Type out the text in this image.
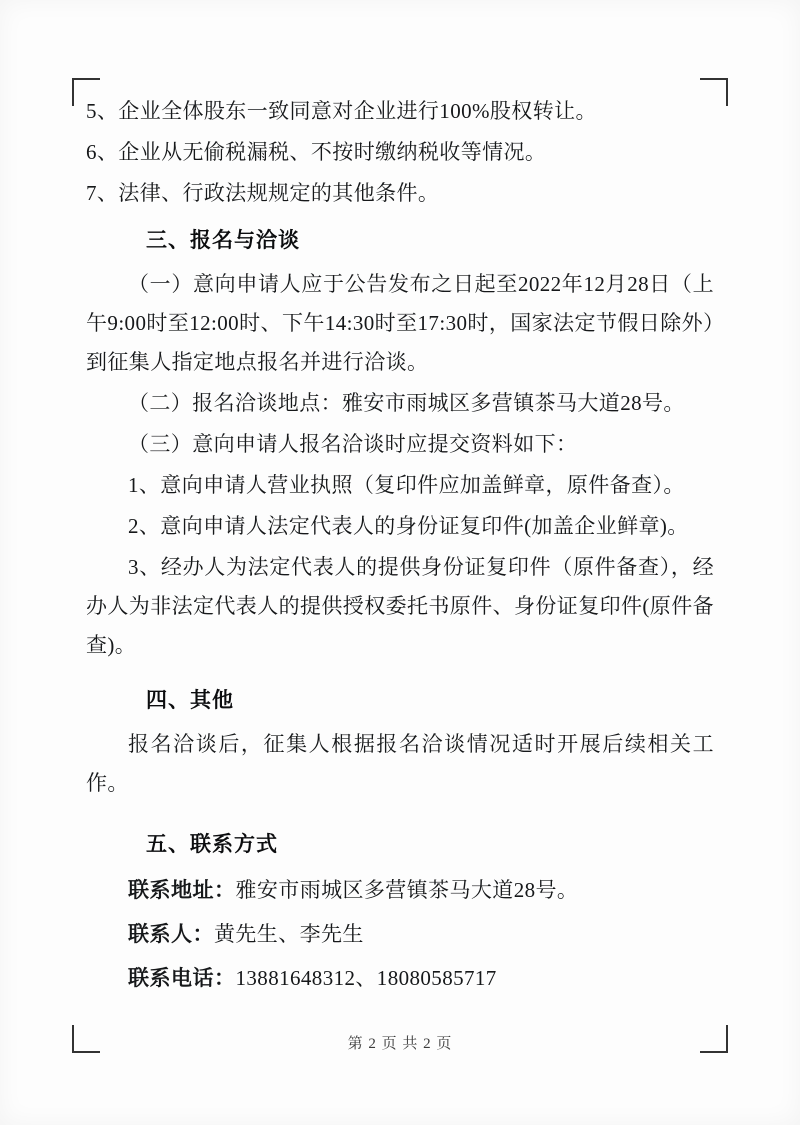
5、企业全体股东一致同意对企业进行100%股权转让。

6、企业从无偷税漏税、不按时缴纳税收等情况。

7、法律、行政法规规定的其他条件。

三、报名与洽谈

（一）意向申请人应于公告发布之日起至2022年12月28日（上午9:00时至12:00时、下午14:30时至17:30时，国家法定节假日除外）到征集人指定地点报名并进行洽谈。

（二）报名洽谈地点：雅安市雨城区多营镇茶马大道28号。

（三）意向申请人报名洽谈时应提交资料如下：

1、意向申请人营业执照（复印件应加盖鲜章，原件备查）。

2、意向申请人法定代表人的身份证复印件(加盖企业鲜章)。

3、经办人为法定代表人的提供身份证复印件（原件备查），经办人为非法定代表人的提供授权委托书原件、身份证复印件(原件备查)。

四、其他

报名洽谈后，征集人根据报名洽谈情况适时开展后续相关工作。

五、联系方式

联系地址：雅安市雨城区多营镇茶马大道28号。

联系人：黄先生、李先生

联系电话：13881648312、18080585717

第 2 页 共 2 页
